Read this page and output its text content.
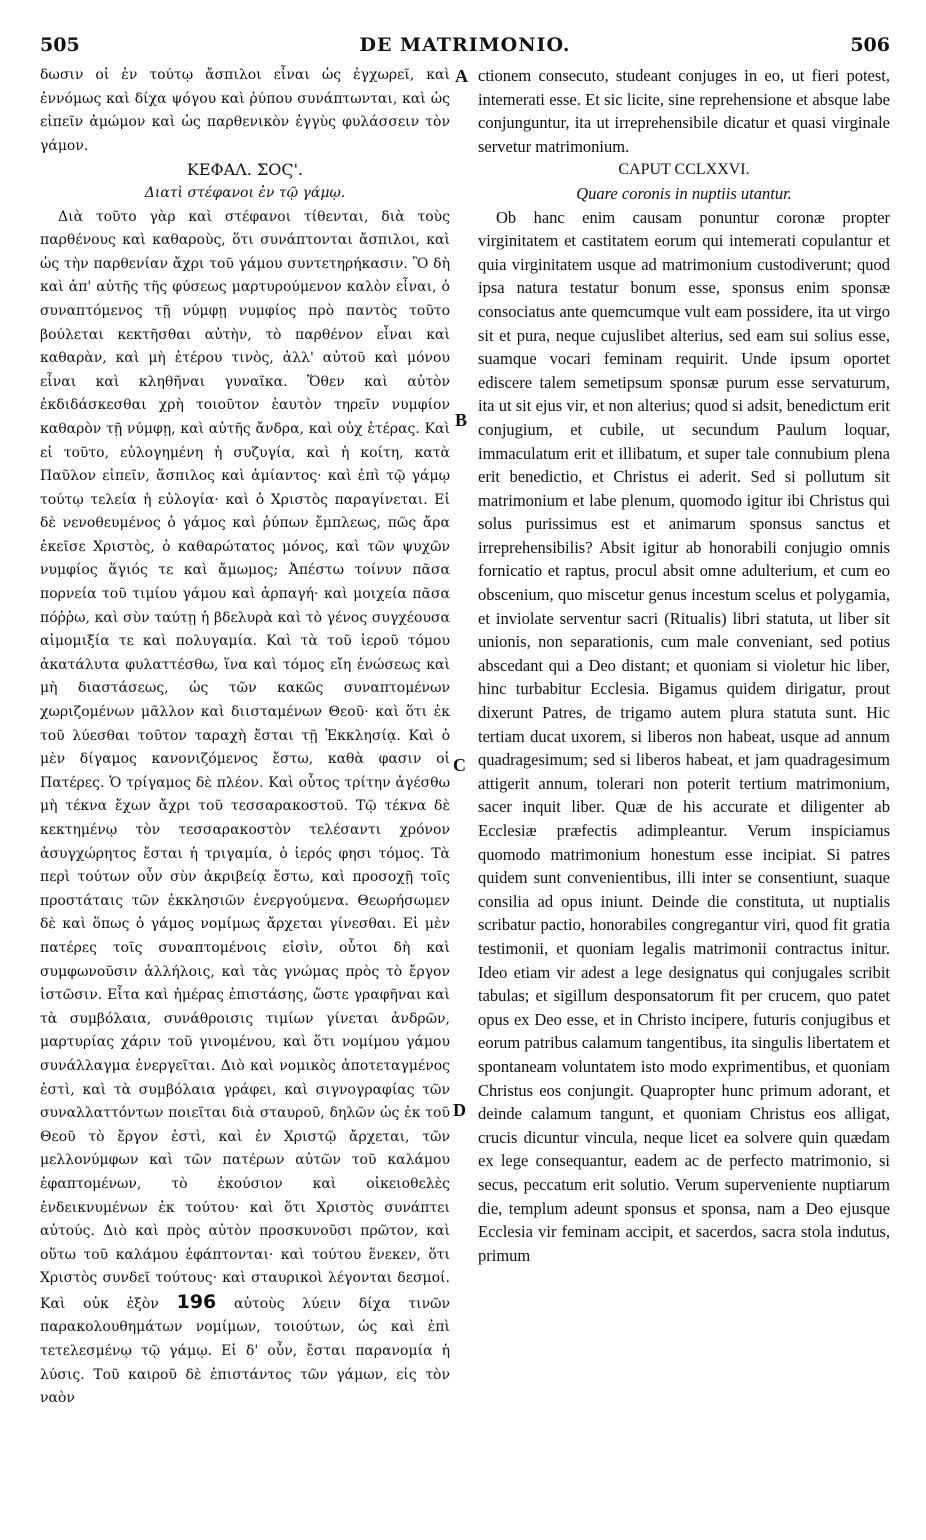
505	DE MATRIMONIO.	506

δωσιν οἱ ἐν τούτῳ ἄσπιλοι εἶναι ὡς ἐγχωρεῖ, καὶ ἐννόμως καὶ δίχα ψόγου καὶ ῥύπου συνάπτωνται, καὶ ὡς εἰπεῖν ἀμώμον καὶ ὡς παρθενικὸν ἐγγὺς φυλάσσειν τὸν γάμον.

ΚΕΦΑΛ. ΣΟϚ'.

Διατὶ στέφανοι ἐν τῷ γάμῳ.

Διὰ τοῦτο γὰρ καὶ στέφανοι τίθενται, διὰ τοὺς παρθένους καὶ καθαροὺς, ὅτι συνάπτονται ἄσπιλοι, καὶ ὡς τὴν παρθενίαν ἄχρι τοῦ γάμου συντετηρήκασιν. Ὃ δὴ καὶ ἀπ' αὐτῆς τῆς φύσεως μαρτυρούμενον καλὸν εἶναι, ὁ συναπτόμενος τῇ νύμφῃ νυμφίος πρὸ παντὸς τοῦτο βούλεται κεκτῆσθαι αὐτὴν, τὸ παρθένον εἶναι καὶ καθαρὰν, καὶ μὴ ἑτέρου τινὸς, ἀλλ' αὐτοῦ καὶ μόνου εἶναι καὶ κληθῆναι γυναῖκα. Ὅθεν καὶ αὐτὸν ἐκδιδάσκεσθαι χρὴ τοιοῦτον ἑαυτὸν τηρεῖν νυμφίον καθαρὸν τῇ νύμφῃ, καὶ αὐτῆς ἄνδρα, καὶ οὐχ ἑτέρας. Καὶ εἰ τοῦτο, εὐλογημένη ἡ συζυγία, καὶ ἡ κοίτη, κατὰ Παῦλον εἰπεῖν, ἄσπιλος καὶ ἀμίαντος· καὶ ἐπὶ τῷ γάμῳ τούτῳ τελεία ἡ εὐλογία· καὶ ὁ Χριστὸς παραγίνεται. Εἰ δὲ νενοθευμένος ὁ γάμος καὶ ῥύπων ἔμπλεως, πῶς ἄρα ἐκεῖσε Χριστὸς, ὁ καθαρώτατος μόνος, καὶ τῶν ψυχῶν νυμφίος ἅγιός τε καὶ ἄμωμος; Ἀπέστω τοίνυν πᾶσα πορνεία τοῦ τιμίου γάμου καὶ ἁρπαγή· καὶ μοιχεία πᾶσα πόῤῥω, καὶ σὺν ταύτῃ ἡ βδελυρὰ καὶ τὸ γένος συγχέουσα αἱμομιξία τε καὶ πολυγαμία. Καὶ τὰ τοῦ ἱεροῦ τόμου ἀκατάλυτα φυλαττέσθω, ἵνα καὶ τόμος εἴη ἑνώσεως καὶ μὴ διαστάσεως, ὡς τῶν κακῶς συναπτομένων χωριζομένων μᾶλλον καὶ διισταμένων Θεοῦ· καὶ ὅτι ἐκ τοῦ λύεσθαι τοῦτον ταραχὴ ἔσται τῇ Ἐκκλησίᾳ. Καὶ ὁ μὲν δίγαμος κανονιζόμενος ἔστω, καθὰ φασιν οἱ Πατέρες. Ὁ τρίγαμος δὲ πλέον. Καὶ οὗτος τρίτην ἀγέσθω μὴ τέκνα ἔχων ἄχρι τοῦ τεσσαρακοστοῦ. Τῷ τέκνα δὲ κεκτημένῳ τὸν τεσσαρακοστὸν τελέσαντι χρόνον ἀσυγχώρητος ἔσται ἡ τριγαμία, ὁ ἱερός φησι τόμος. Τὰ περὶ τούτων οὖν σὺν ἀκριβείᾳ ἔστω, καὶ προσοχῇ τοῖς προστάταις τῶν ἐκκλησιῶν ἐνεργούμενα. Θεωρήσωμεν δὲ καὶ ὅπως ὁ γάμος νομίμως ἄρχεται γίνεσθαι. Εἰ μὲν πατέρες τοῖς συναπτομένοις εἰσὶν, οὗτοι δὴ καὶ συμφωνοῦσιν ἀλλήλοις, καὶ τὰς γνώμας πρὸς τὸ ἔργον ἱστῶσιν. Εἶτα καὶ ἡμέρας ἐπιστάσης, ὥστε γραφῆναι καὶ τὰ συμβόλαια, συνάθροισις τιμίων γίνεται ἀνδρῶν, μαρτυρίας χάριν τοῦ γινομένου, καὶ ὅτι νομίμου γάμου συνάλλαγμα ἐνεργεῖται. Διὸ καὶ νομικὸς ἀποτεταγμένος ἐστὶ, καὶ τὰ συμβόλαια γράφει, καὶ σιγνογραφίας τῶν συναλλαττόντων ποιεῖται διὰ σταυροῦ, δηλῶν ὡς ἐκ τοῦ Θεοῦ τὸ ἔργον ἐστὶ, καὶ ἐν Χριστῷ ἄρχεται, τῶν μελλονύμφων καὶ τῶν πατέρων αὐτῶν τοῦ καλάμου ἐφαπτομένων, τὸ ἑκούσιον καὶ οἰκειοθελὲς ἐνδεικνυμένων ἐκ τούτου· καὶ ὅτι Χριστὸς συνάπτει αὐτούς. Διὸ καὶ πρὸς αὐτὸν προσκυνοῦσι πρῶτον, καὶ οὕτω τοῦ καλάμου ἐφάπτονται· καὶ τούτου ἕνεκεν, ὅτι Χριστὸς συνδεῖ τούτους· καὶ σταυρικοὶ λέγονται δεσμοί. Καὶ οὐκ ἐξὸν 196 αὐτοὺς λύειν δίχα τινῶν παρακολουθημάτων νομίμων, τοιούτων, ὡς καὶ ἐπὶ τετελεσμένῳ τῷ γάμῳ. Εἰ δ' οὖν, ἔσται παρανομία ἡ λύσις. Τοῦ καιροῦ δὲ ἐπιστάντος τῶν γάμων, εἰς τὸν ναὸν

A
B
C
D

ctionem consecuto, studeant conjuges in eo, ut fieri potest, intemerati esse. Et sic licite, sine reprehensione et absque labe conjunguntur, ita ut irreprehensibile dicatur et quasi virginale servetur matrimonium.

CAPUT CCLXXVI.

Quare coronis in nuptiis utantur.

Ob hanc enim causam ponuntur coronæ propter virginitatem et castitatem eorum qui intemerati copulantur et quia virginitatem usque ad matrimonium custodiverunt; quod ipsa natura testatur bonum esse, sponsus enim sponsæ consociatus ante quemcumque vult eam possidere, ita ut virgo sit et pura, neque cujuslibet alterius, sed eam sui solius esse, suamque vocari feminam requirit. Unde ipsum oportet ediscere talem semetipsum sponsæ purum esse servaturum, ita ut sit ejus vir, et non alterius; quod si adsit, benedictum erit conjugium, et cubile, ut secundum Paulum loquar, immaculatum erit et illibatum, et super tale connubium plena erit benedictio, et Christus ei aderit. Sed si pollutum sit matrimonium et labe plenum, quomodo igitur ibi Christus qui solus purissimus est et animarum sponsus sanctus et irreprehensibilis? Absit igitur ab honorabili conjugio omnis fornicatio et raptus, procul absit omne adulterium, et cum eo obscenium, quo miscetur genus incestum scelus et polygamia, et inviolate serventur sacri (Ritualis) libri statuta, ut liber sit unionis, non separationis, cum male conveniant, sed potius abscedant qui a Deo distant; et quoniam si violetur hic liber, hinc turbabitur Ecclesia. Bigamus quidem dirigatur, prout dixerunt Patres, de trigamo autem plura statuta sunt. Hic tertiam ducat uxorem, si liberos non habeat, usque ad annum quadragesimum; sed si liberos habeat, et jam quadragesimum attigerit annum, tolerari non poterit tertium matrimonium, sacer inquit liber. Quæ de his accurate et diligenter ab Ecclesiæ præfectis adimpleantur. Verum inspiciamus quomodo matrimonium honestum esse incipiat. Si patres quidem sunt convenientibus, illi inter se consentiunt, suaque consilia ad opus iniunt. Deinde die constituta, ut nuptialis scribatur pactio, honorabiles congregantur viri, quod fit gratia testimonii, et quoniam legalis matrimonii contractus initur. Ideo etiam vir adest a lege designatus qui conjugales scribit tabulas; et sigillum desponsatorum fit per crucem, quo patet opus ex Deo esse, et in Christo incipere, futuris conjugibus et eorum patribus calamum tangentibus, ita singulis libertatem et spontaneam voluntatem isto modo exprimentibus, et quoniam Christus eos conjungit. Quapropter hunc primum adorant, et deinde calamum tangunt, et quoniam Christus eos alligat, crucis dicuntur vincula, neque licet ea solvere quin quædam ex lege consequantur, eadem ac de perfecto matrimonio, si secus, peccatum erit solutio. Verum superveniente nuptiarum die, templum adeunt sponsus et sponsa, nam a Deo ejusque Ecclesia vir feminam accipit, et sacerdos, sacra stola indutus, primum
